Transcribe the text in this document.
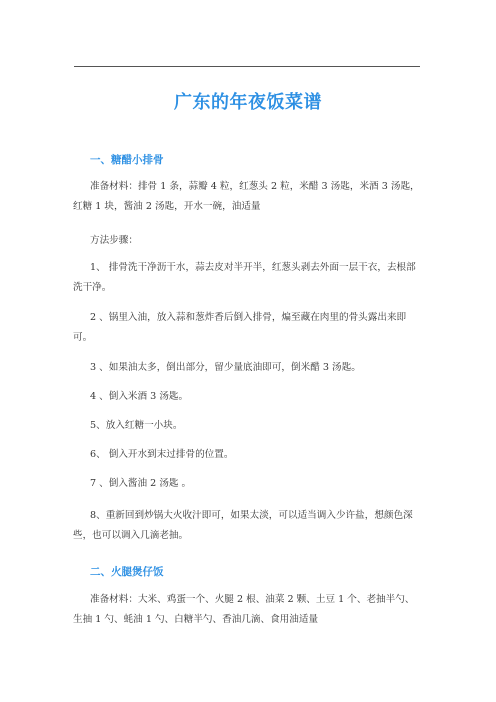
广东的年夜饭菜谱
一、糖醋小排骨
准备材料：排骨 1 条，蒜瓣 4 粒，红葱头 2 粒，米醋 3 汤匙，米酒 3 汤匙，红糖 1 块，酱油 2 汤匙，开水一碗，油适量
方法步骤：
1、 排骨洗干净沥干水，蒜去皮对半开半，红葱头剥去外面一层干衣，去根部洗干净。
2 、锅里入油，放入蒜和葱炸香后倒入排骨，煸至藏在肉里的骨头露出来即可。
3 、如果油太多，倒出部分，留少量底油即可，倒米醋 3 汤匙。
4 、倒入米酒 3 汤匙。
5、放入红糖一小块。
6、 倒入开水到末过排骨的位置。
7 、倒入酱油 2 汤匙 。
8、重新回到炒锅大火收汁即可，如果太淡，可以适当调入少许盐，想颜色深些，也可以调入几滴老抽。
二、火腿煲仔饭
准备材料：大米、鸡蛋一个、火腿 2 根、油菜 2 颗、土豆 1 个、老抽半勺、生抽 1 勺、蚝油 1 勺、白糖半勺、香油几滴、食用油适量
